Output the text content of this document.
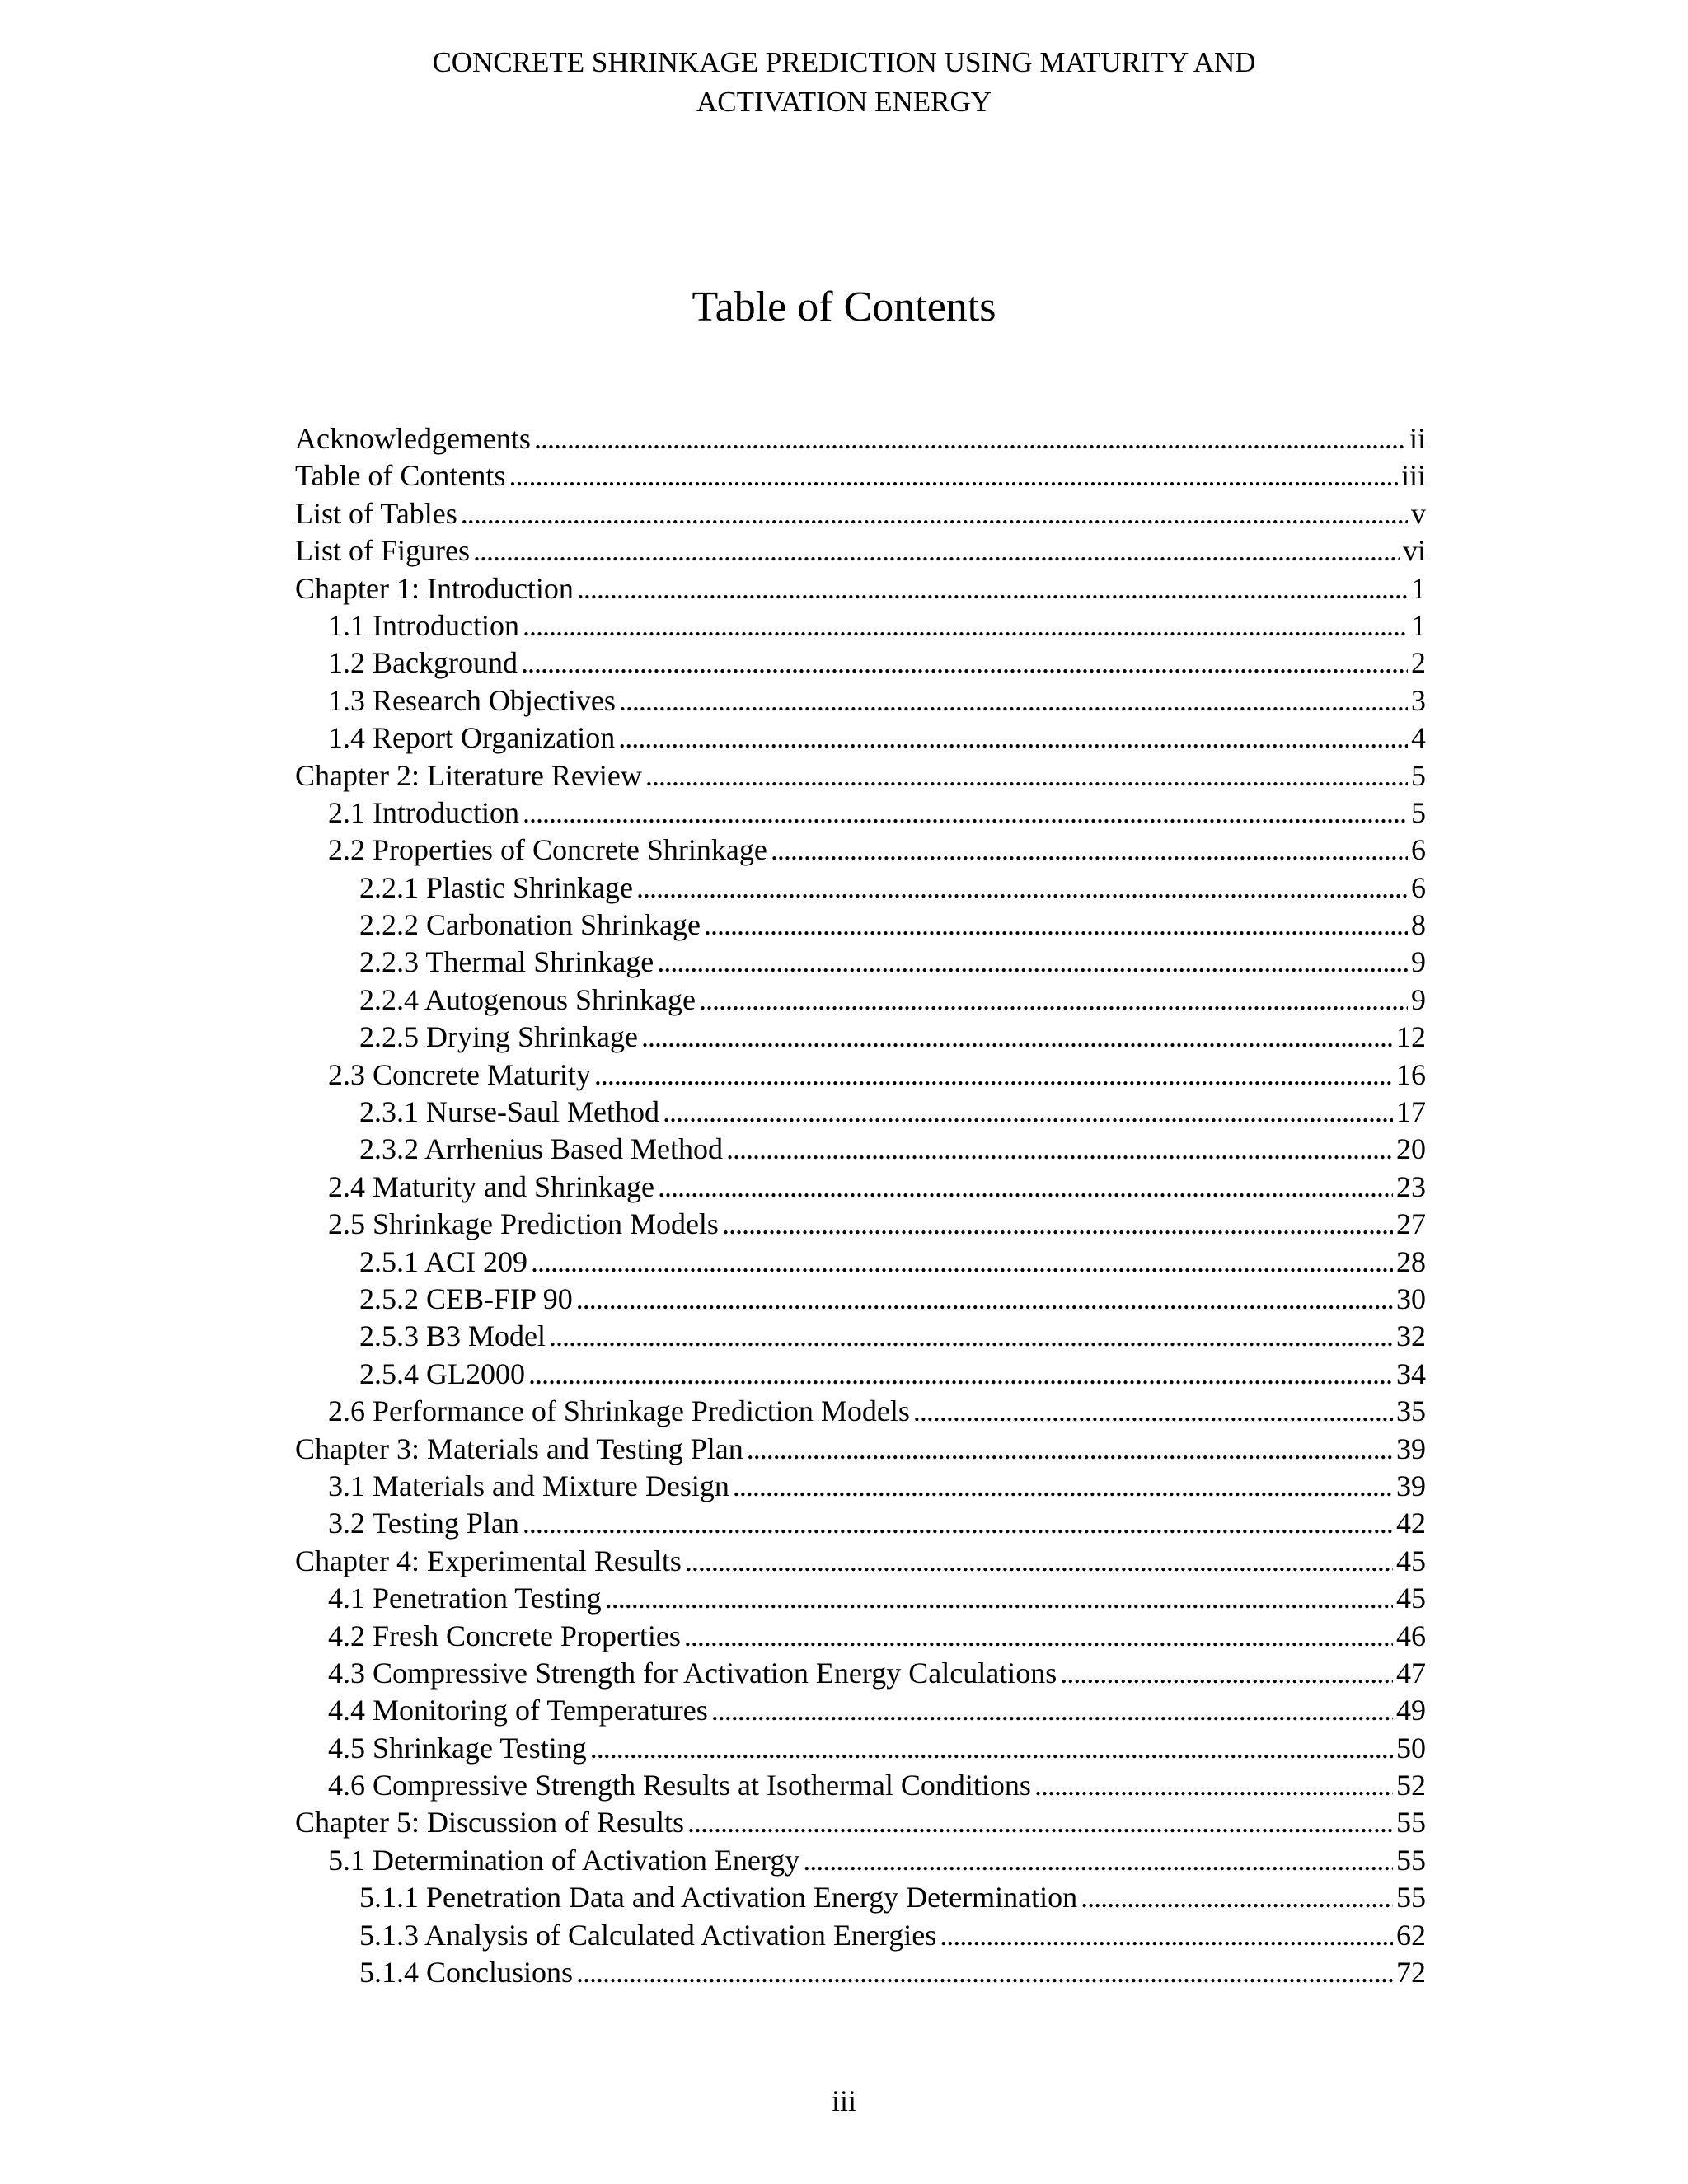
CONCRETE SHRINKAGE PREDICTION USING MATURITY AND
ACTIVATION ENERGY
Table of Contents
Acknowledgements . . .	ii
Table of Contents . . .	iii
List of Tables . . .	v
List of Figures . . .	vi
Chapter 1: Introduction . . .	1
1.1 Introduction . . .	1
1.2 Background . . .	2
1.3 Research Objectives . . .	3
1.4 Report Organization . . .	4
Chapter 2: Literature Review . . .	5
2.1 Introduction . . .	5
2.2 Properties of Concrete Shrinkage . . .	6
2.2.1 Plastic Shrinkage . . .	6
2.2.2 Carbonation Shrinkage . . .	8
2.2.3 Thermal Shrinkage . . .	9
2.2.4 Autogenous Shrinkage . . .	9
2.2.5 Drying Shrinkage . . .	12
2.3 Concrete Maturity . . .	16
2.3.1 Nurse-Saul Method . . .	17
2.3.2 Arrhenius Based Method . . .	20
2.4 Maturity and Shrinkage . . .	23
2.5 Shrinkage Prediction Models . . .	27
2.5.1 ACI 209 . . .	28
2.5.2 CEB-FIP 90 . . .	30
2.5.3 B3 Model . . .	32
2.5.4 GL2000 . . .	34
2.6 Performance of Shrinkage Prediction Models . . .	35
Chapter 3: Materials and Testing Plan . . .	39
3.1 Materials and Mixture Design . . .	39
3.2 Testing Plan . . .	42
Chapter 4: Experimental Results . . .	45
4.1 Penetration Testing . . .	45
4.2 Fresh Concrete Properties . . .	46
4.3 Compressive Strength for Activation Energy Calculations . . .	47
4.4 Monitoring of Temperatures . . .	49
4.5 Shrinkage Testing . . .	50
4.6 Compressive Strength Results at Isothermal Conditions . . .	52
Chapter 5: Discussion of Results . . .	55
5.1 Determination of Activation Energy . . .	55
5.1.1 Penetration Data and Activation Energy Determination . . .	55
5.1.3 Analysis of Calculated Activation Energies . . .	62
5.1.4 Conclusions . . .	72
iii
